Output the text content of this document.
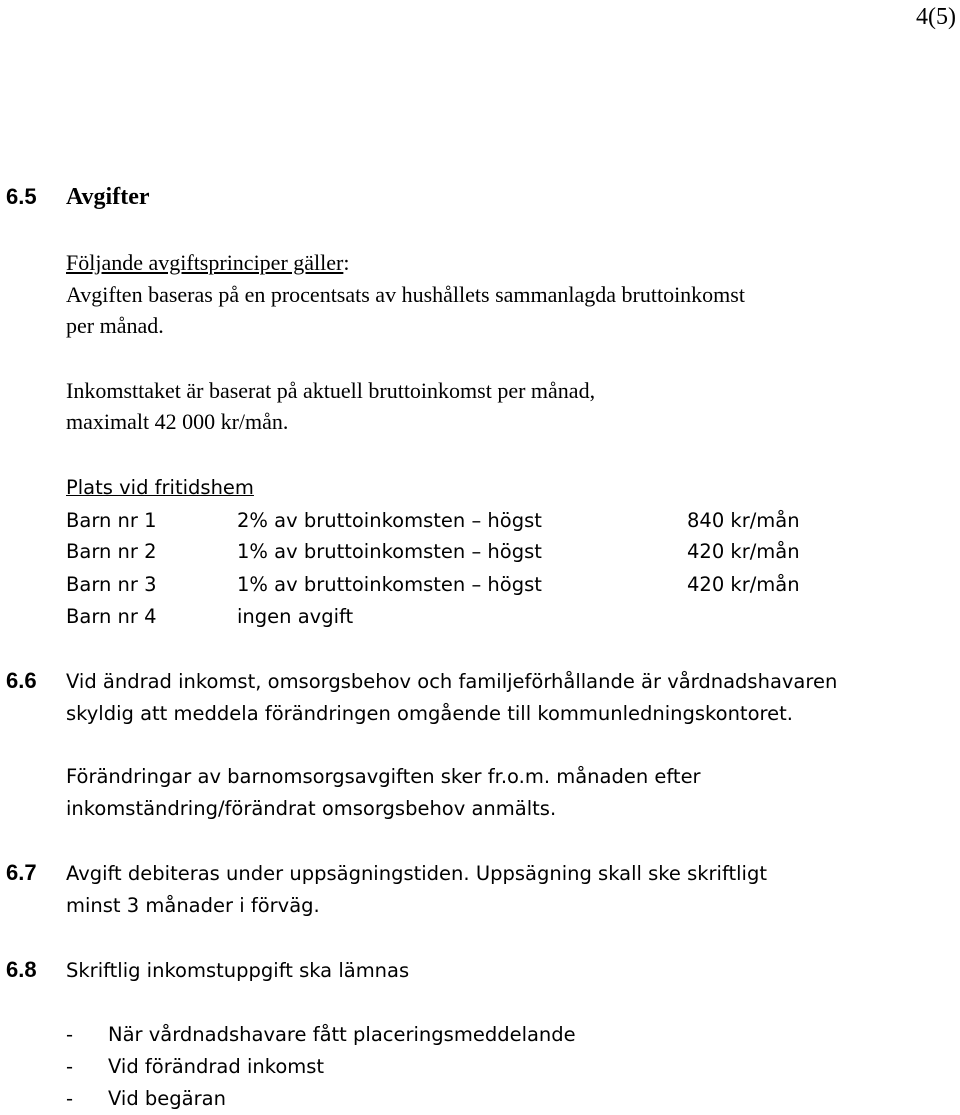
4(5)
6.5 Avgifter
Följande avgiftsprinciper gäller:
Avgiften baseras på en procentsats av hushållets sammanlagda bruttoinkomst
per månad.
Inkomsttaket är baserat på aktuell bruttoinkomst per månad,
maximalt 42 000 kr/mån.
Plats vid fritidshem
Barn nr 1	2% av bruttoinkomsten – högst	840 kr/mån
Barn nr 2	1% av bruttoinkomsten – högst	420 kr/mån
Barn nr 3	1% av bruttoinkomsten – högst	420 kr/mån
Barn nr 4	ingen avgift
6.6 Vid ändrad inkomst, omsorgsbehov och familjeförhållande är vårdnadshavaren
skyldig att meddela förändringen omgående till kommunledningskontoret.
Förändringar av barnomsorgsavgiften sker fr.o.m. månaden efter
inkomständring/förändrat omsorgsbehov anmälts.
6.7 Avgift debiteras under uppsägningstiden. Uppsägning skall ske skriftligt
minst 3 månader i förväg.
6.8 Skriftlig inkomstuppgift ska lämnas
- När vårdnadshavare fått placeringsmeddelande
- Vid förändrad inkomst
- Vid begäran
